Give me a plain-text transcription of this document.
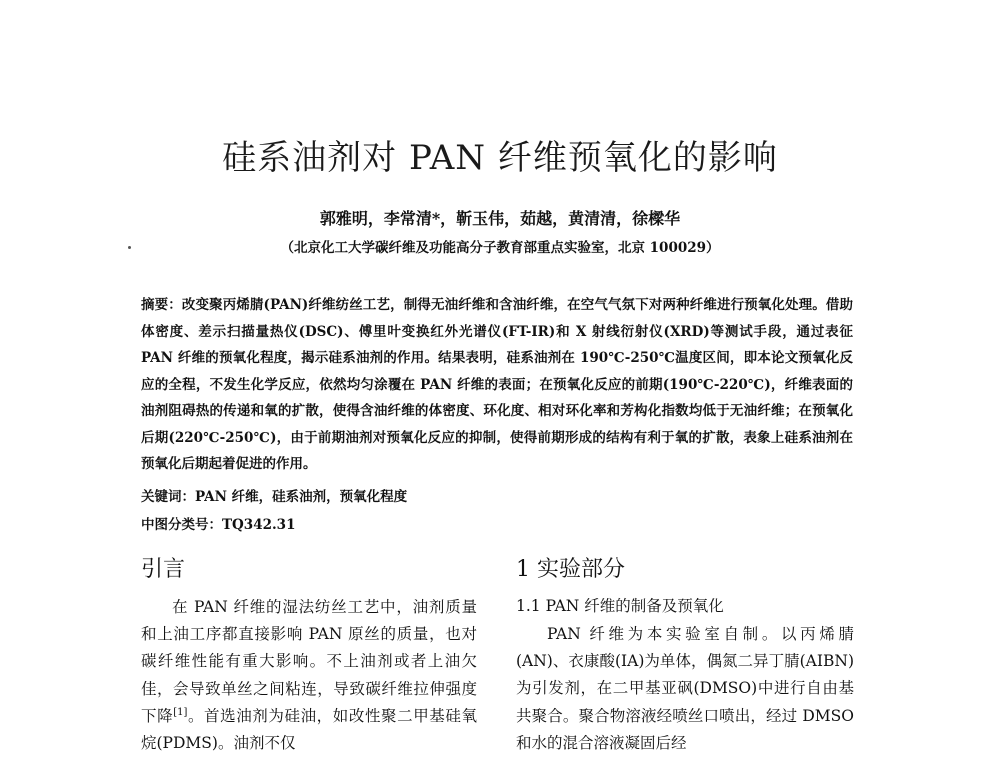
硅系油剂对 PAN 纤维预氧化的影响
郭雅明，李常清*，靳玉伟，茹越，黄清清，徐樑华
（北京化工大学碳纤维及功能高分子教育部重点实验室，北京 100029）
摘要：改变聚丙烯腈(PAN)纤维纺丝工艺，制得无油纤维和含油纤维，在空气气氛下对两种纤维进行预氧化处理。借助体密度、差示扫描量热仪(DSC)、傅里叶变换红外光谱仪(FT-IR)和 X 射线衍射仪(XRD)等测试手段，通过表征 PAN 纤维的预氧化程度，揭示硅系油剂的作用。结果表明，硅系油剂在 190℃-250℃温度区间，即本论文预氧化反应的全程，不发生化学反应，依然均匀涂覆在 PAN 纤维的表面；在预氧化反应的前期(190℃-220℃)，纤维表面的油剂阻碍热的传递和氧的扩散，使得含油纤维的体密度、环化度、相对环化率和芳构化指数均低于无油纤维；在预氧化后期(220℃-250℃)，由于前期油剂对预氧化反应的抑制，使得前期形成的结构有利于氧的扩散，表象上硅系油剂在预氧化后期起着促进的作用。
关键词：PAN 纤维，硅系油剂，预氧化程度
中图分类号：TQ342.31
引言	1 实验部分

在 PAN 纤维的湿法纺丝工艺中，油剂质量和上油工序都直接影响 PAN 原丝的质量，也对碳纤维性能有重大影响。不上油剂或者上油欠佳，会导致单丝之间粘连，导致碳纤维拉伸强度下降[1]。首选油剂为硅油，如改性聚二甲基硅氧烷(PDMS)。油剂不仅

1.1 PAN 纤维的制备及预氧化

PAN 纤维为本实验室自制。以丙烯腈(AN)、衣康酸(IA)为单体，偶氮二异丁腈(AIBN)为引发剂，在二甲基亚砜(DMSO)中进行自由基共聚合。聚合物溶液经喷丝口喷出，经过 DMSO 和水的混合溶液凝固后经
